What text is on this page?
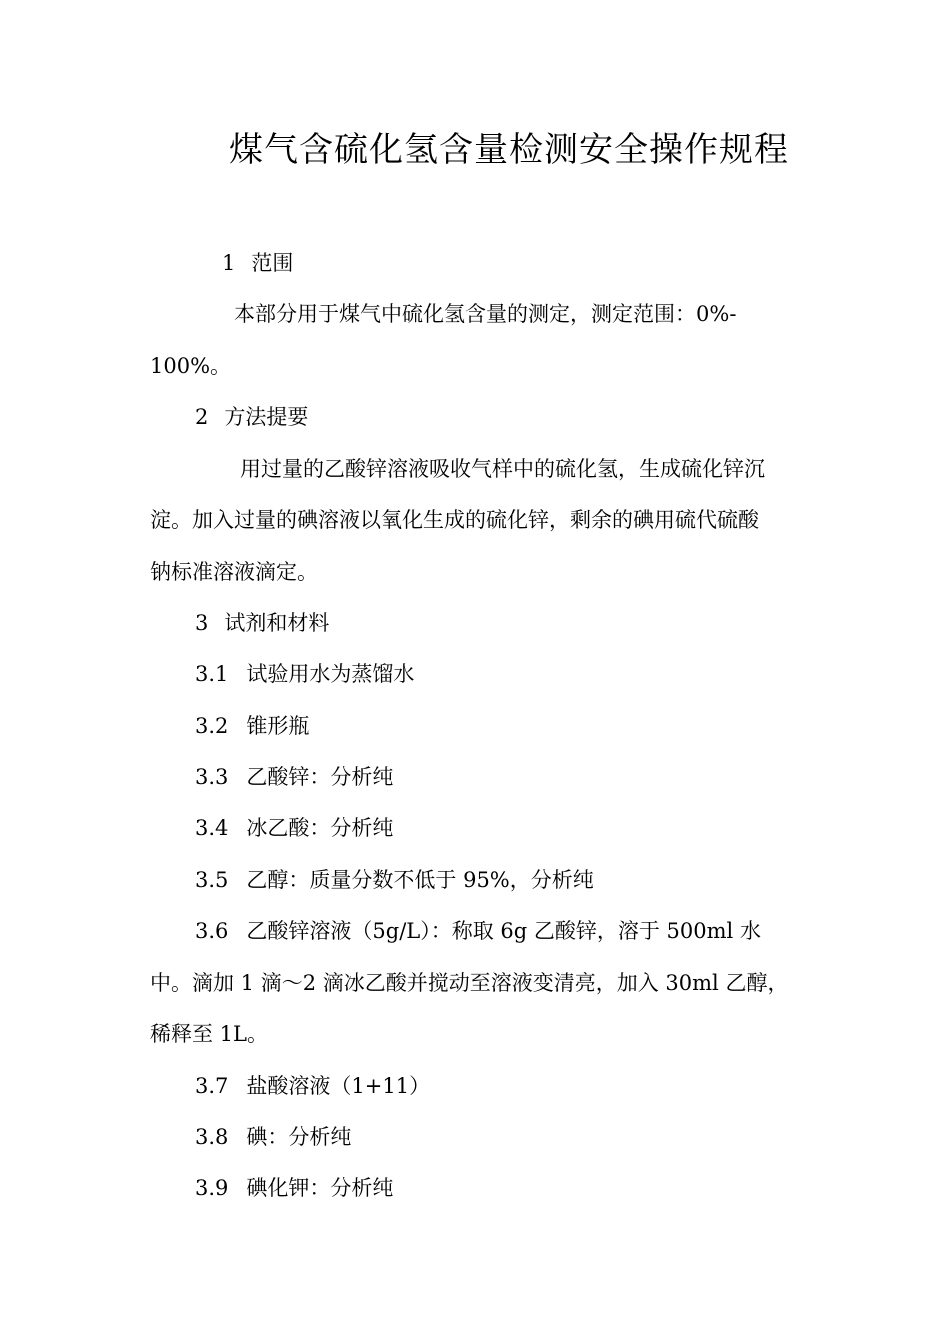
煤气含硫化氢含量检测安全操作规程
1 范围
本部分用于煤气中硫化氢含量的测定，测定范围：0%-
100%。
2 方法提要
用过量的乙酸锌溶液吸收气样中的硫化氢，生成硫化锌沉
淀。加入过量的碘溶液以氧化生成的硫化锌，剩余的碘用硫代硫酸
钠标准溶液滴定。
3 试剂和材料
3.1 试验用水为蒸馏水
3.2 锥形瓶
3.3 乙酸锌：分析纯
3.4 冰乙酸：分析纯
3.5 乙醇：质量分数不低于 95%，分析纯
3.6 乙酸锌溶液（5g/L）：称取 6g 乙酸锌，溶于 500ml 水
中。滴加 1 滴～2 滴冰乙酸并搅动至溶液变清亮，加入 30ml 乙醇，
稀释至 1L。
3.7 盐酸溶液（1+11）
3.8 碘：分析纯
3.9 碘化钾：分析纯
